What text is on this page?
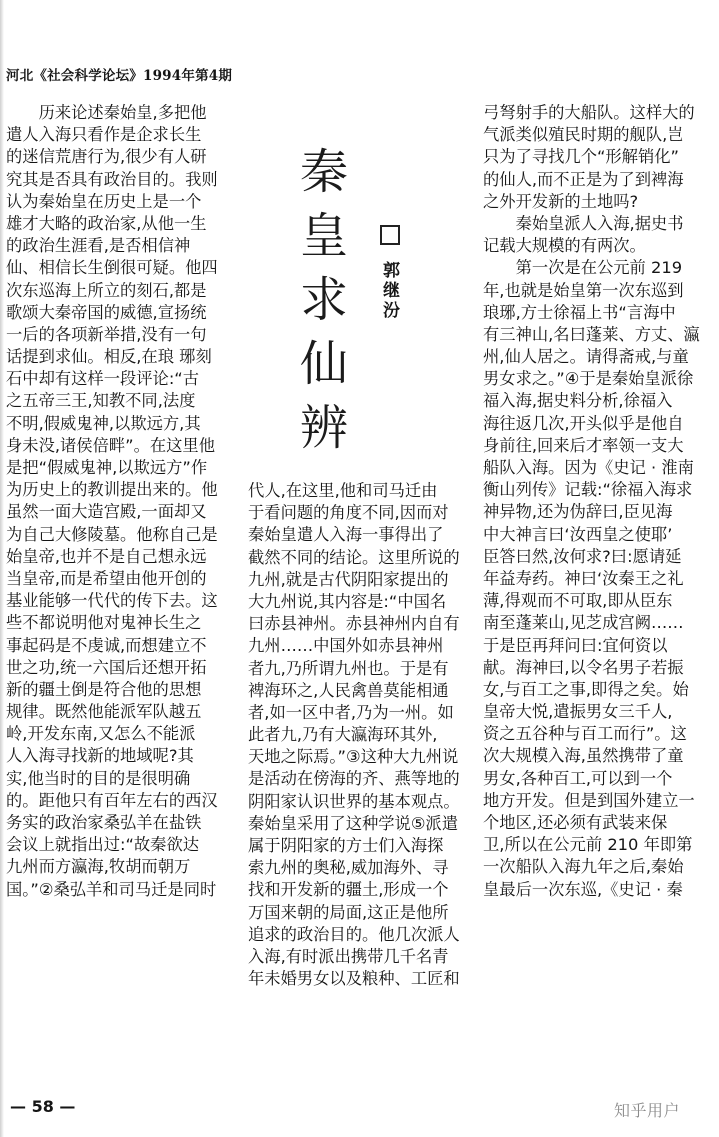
河北《社会科学论坛》1994年第4期
　　历来论述秦始皇,多把他
遣人入海只看作是企求长生
的迷信荒唐行为,很少有人研
究其是否具有政治目的。我则
认为秦始皇在历史上是一个
雄才大略的政治家,从他一生
的政治生涯看,是否相信神
仙、相信长生倒很可疑。他四
次东巡海上所立的刻石,都是
歌颂大秦帝国的威德,宣扬统
一后的各项新举措,没有一句
话提到求仙。相反,在琅 琊刻
石中却有这样一段评论:“古
之五帝三王,知教不同,法度
不明,假威鬼神,以欺远方,其
身未没,诸侯倍畔”。在这里他
是把“假威鬼神,以欺远方”作
为历史上的教训提出来的。他
虽然一面大造宫殿,一面却又
为自己大修陵墓。他称自己是
始皇帝,也并不是自己想永远
当皇帝,而是希望由他开创的
基业能够一代代的传下去。这
些不都说明他对鬼神长生之
事起码是不虔诚,而想建立不
世之功,统一六国后还想开拓
新的疆土倒是符合他的思想
规律。既然他能派军队越五
岭,开发东南,又怎么不能派
人入海寻找新的地域呢?其
实,他当时的目的是很明确
的。距他只有百年左右的西汉
务实的政治家桑弘羊在盐铁
会议上就指出过:“故秦欲达
九州而方瀛海,牧胡而朝万
国。”②桑弘羊和司马迁是同时
秦
皇
求
仙
辨
郭
继
汾
代人,在这里,他和司马迁由
于看问题的角度不同,因而对
秦始皇遣人入海一事得出了
截然不同的结论。这里所说的
九州,就是古代阴阳家提出的
大九州说,其内容是:“中国名
曰赤县神州。赤县神州内自有
九州……中国外如赤县神州
者九,乃所谓九州也。于是有
裨海环之,人民禽兽莫能相通
者,如一区中者,乃为一州。如
此者九,乃有大瀛海环其外,
天地之际焉。”③这种大九州说
是活动在傍海的齐、燕等地的
阴阳家认识世界的基本观点。
秦始皇采用了这种学说⑤派遣
属于阴阳家的方士们入海探
索九州的奥秘,威加海外、寻
找和开发新的疆土,形成一个
万国来朝的局面,这正是他所
追求的政治目的。他几次派人
入海,有时派出携带几千名青
年未婚男女以及粮种、工匠和
弓弩射手的大船队。这样大的
气派类似殖民时期的舰队,岂
只为了寻找几个“形解销化”
的仙人,而不正是为了到裨海
之外开发新的土地吗?
　　秦始皇派人入海,据史书
记载大规模的有两次。
　　第一次是在公元前 219
年,也就是始皇第一次东巡到
琅琊,方士徐福上书“言海中
有三神山,名曰蓬莱、方丈、瀛
州,仙人居之。请得斋戒,与童
男女求之。”④于是秦始皇派徐
福入海,据史料分析,徐福入
海往返几次,开头似乎是他自
身前往,回来后才率领一支大
船队入海。因为《史记 · 淮南
衡山列传》记载:“徐福入海求
神异物,还为伪辞曰,臣见海
中大神言曰‘汝西皇之使耶’
臣答曰然,汝何求?曰:愿请延
年益寿药。神曰‘汝秦王之礼
薄,得观而不可取,即从臣东
南至蓬莱山,见芝成宫阙……
于是臣再拜问曰:宜何资以
献。海神曰,以令名男子若振
女,与百工之事,即得之矣。始
皇帝大悦,遣振男女三千人,
资之五谷种与百工而行”。这
次大规模入海,虽然携带了童
男女,各种百工,可以到一个
地方开发。但是到国外建立一
个地区,还必须有武装来保
卫,所以在公元前 210 年即第
一次船队入海九年之后,秦始
皇最后一次东巡,《史记 · 秦
— 58 —	知乎用户
